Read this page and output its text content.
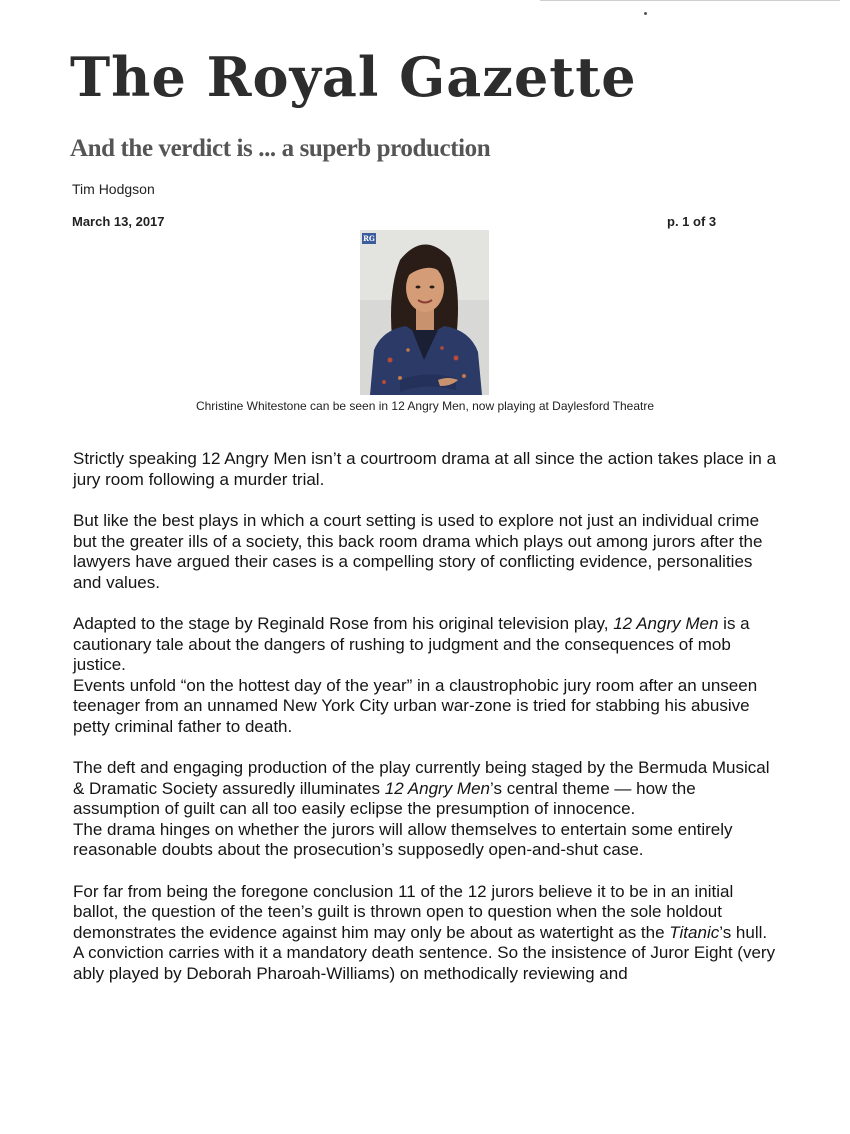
The Royal Gazette
And the verdict is ... a superb production
Tim Hodgson
March 13, 2017	p. 1 of 3
RG
Christine Whitestone can be seen in 12 Angry Men, now playing at Daylesford Theatre

Strictly speaking 12 Angry Men isn’t a courtroom drama at all since the action takes place in a jury room following a murder trial.

But like the best plays in which a court setting is used to explore not just an individual crime but the greater ills of a society, this back room drama which plays out among jurors after the lawyers have argued their cases is a compelling story of conflicting evidence, personalities and values.

Adapted to the stage by Reginald Rose from his original television play, 12 Angry Men is a cautionary tale about the dangers of rushing to judgment and the consequences of mob justice.

Events unfold “on the hottest day of the year” in a claustrophobic jury room after an unseen teenager from an unnamed New York City urban war-zone is tried for stabbing his abusive petty criminal father to death.

The deft and engaging production of the play currently being staged by the Bermuda Musical & Dramatic Society assuredly illuminates 12 Angry Men’s central theme — how the assumption of guilt can all too easily eclipse the presumption of innocence.

The drama hinges on whether the jurors will allow themselves to entertain some entirely reasonable doubts about the prosecution’s supposedly open-and-shut case.

For far from being the foregone conclusion 11 of the 12 jurors believe it to be in an initial ballot, the question of the teen’s guilt is thrown open to question when the sole holdout demonstrates the evidence against him may only be about as watertight as the Titanic’s hull.

A conviction carries with it a mandatory death sentence. So the insistence of Juror Eight (very ably played by Deborah Pharoah-Williams) on methodically reviewing and
